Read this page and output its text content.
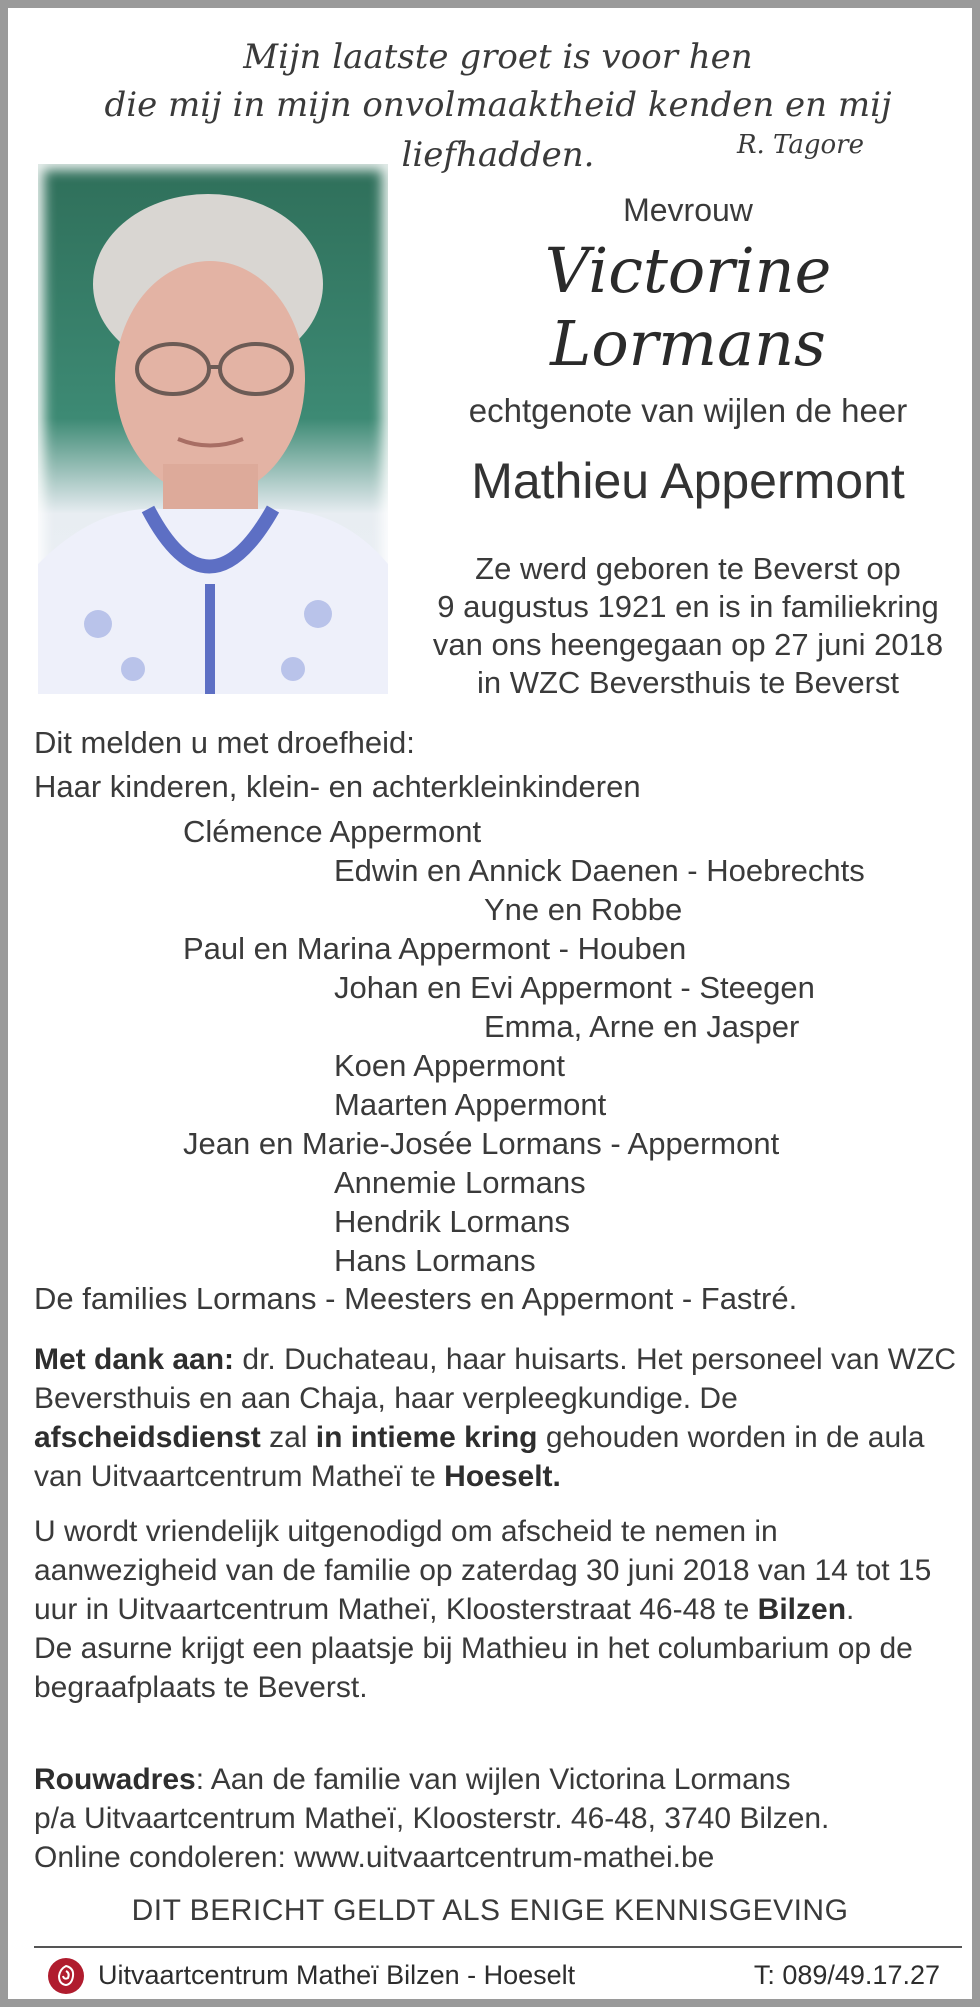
Mijn laatste groet is voor hen
die mij in mijn onvolmaaktheid kenden en mij liefhadden.	R. Tagore
Mevrouw
Victorine Lormans
echtgenote van wijlen de heer
Mathieu Appermont
Ze werd geboren te Beverst op
9 augustus 1921 en is in familiekring
van ons heengegaan op 27 juni 2018
in WZC Beversthuis te Beverst
Dit melden u met droefheid:
Haar kinderen, klein- en achterkleinkinderen
Clémence Appermont
Edwin en Annick Daenen - Hoebrechts
Yne en Robbe
Paul en Marina Appermont - Houben
Johan en Evi Appermont - Steegen
Emma, Arne en Jasper
Koen Appermont
Maarten Appermont
Jean en Marie-Josée Lormans - Appermont
Annemie Lormans
Hendrik Lormans
Hans Lormans
De families Lormans - Meesters en Appermont - Fastré.
Met dank aan: dr. Duchateau, haar huisarts. Het personeel van WZC Beversthuis en aan Chaja, haar verpleegkundige. De afscheidsdienst zal in intieme kring gehouden worden in de aula van Uitvaartcentrum Matheï te Hoeselt.
U wordt vriendelijk uitgenodigd om afscheid te nemen in aanwezigheid van de familie op zaterdag 30 juni 2018 van 14 tot 15 uur in Uitvaartcentrum Matheï, Kloosterstraat 46-48 te Bilzen.
De asurne krijgt een plaatsje bij Mathieu in het columbarium op de begraafplaats te Beverst.
Rouwadres: Aan de familie van wijlen Victorina Lormans
p/a Uitvaartcentrum Matheï, Kloosterstr. 46-48, 3740 Bilzen.
Online condoleren: www.uitvaartcentrum-mathei.be
DIT BERICHT GELDT ALS ENIGE KENNISGEVING
Uitvaartcentrum Matheï Bilzen - Hoeselt	T: 089/49.17.27
